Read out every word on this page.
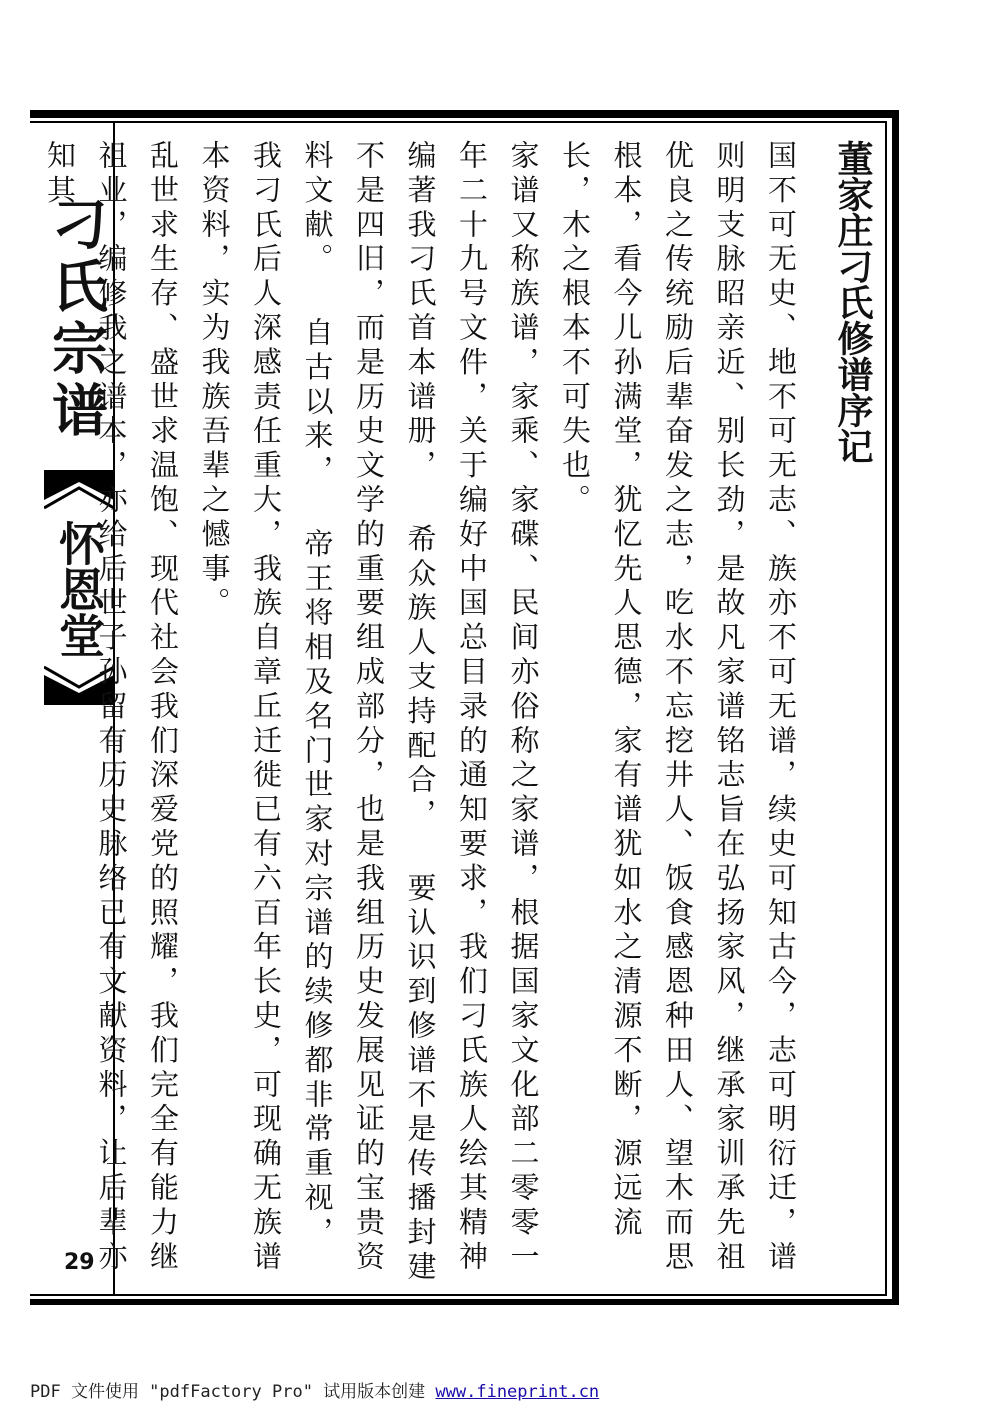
刁氏宗谱
怀恩堂
29
董家庄刁氏修谱序记

国不可无史、地不可无志、族亦不可无谱，续史可知古今，志可明衍迁，谱则明支脉昭亲近、别长劲，是故凡家谱铭志旨在弘扬家风，继承家训承先祖优良之传统励后辈奋发之志，吃水不忘挖井人、饭食感恩种田人、望木而思根本，看今儿孙满堂，犹忆先人思德，家有谱犹如水之清源不断，源远流长，木之根本不可失也。

家谱又称族谱，家乘、家碟、民间亦俗称之家谱，根据国家文化部二零零一年二十九号文件，关于编好中国总目录的通知要求，我们刁氏族人绘其精神编著我刁氏首本谱册， 希众族人支持配合， 要认识到修谱不是传播封建不是四旧，而是历史文学的重要组成部分，也是我组历史发展见证的宝贵资料文献。 自古以来， 帝王将相及名门世家对宗谱的续修都非常重视， 我刁氏后人深感责任重大，我族自章丘迁徙已有六百年长史，可现确无族谱本资料，实为我族吾辈之憾事。

乱世求生存、盛世求温饱、现代社会我们深爱党的照耀，我们完全有能力继祖业，编修我之谱本，亦给后世子孙留有历史脉络已有文献资料，让后辈亦知其

PDF 文件使用 "pdfFactory Pro" 试用版本创建 www.fineprint.cn
